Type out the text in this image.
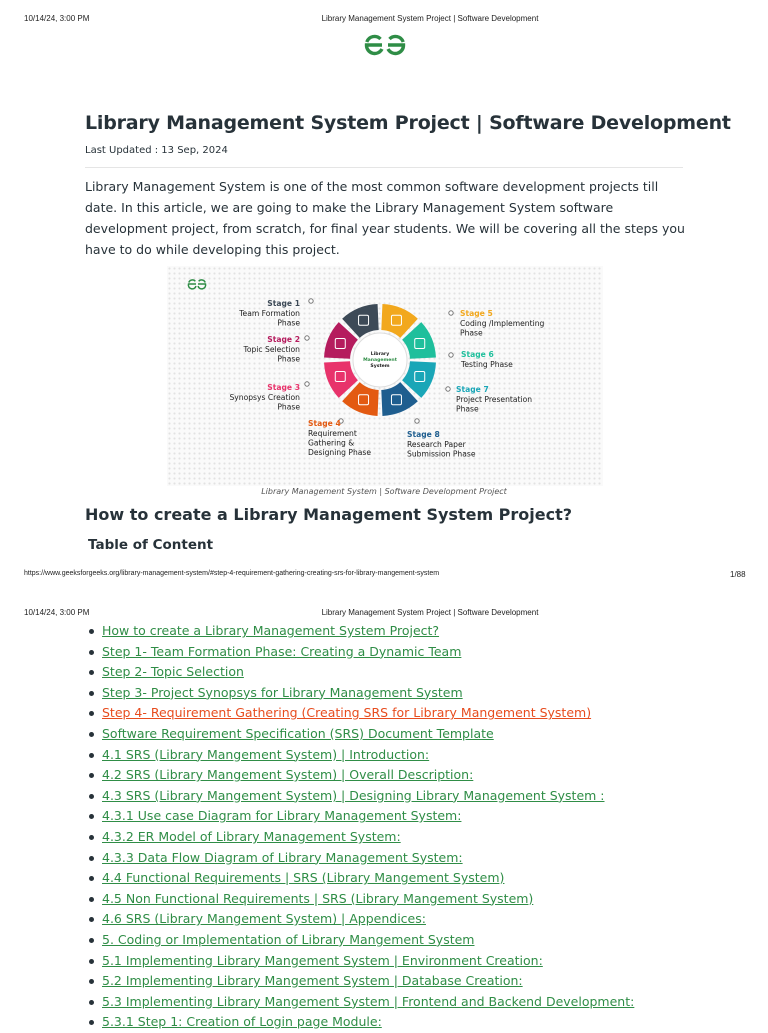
10/14/24, 3:00 PM	Library Management System Project | Software Development
Library Management System Project | Software Development
Last Updated : 13 Sep, 2024

Library Management System is one of the most common software development projects till date. In this article, we are going to make the Library Management System software development project, from scratch, for final year students. We will be covering all the steps you have to do while developing this project.

Library
Management
System
Stage 1
Team Formation
Phase
Stage 2
Topic Selection
Phase
Stage 3
Synopsys Creation
Phase
Stage 4
Requirement
Gathering &
Designing Phase
Stage 5
Coding /Implementing
Phase
Stage 6
Testing Phase
Stage 7
Project Presentation
Phase
Stage 8
Research Paper
Submission Phase
Library Management System | Software Development Project
How to create a Library Management System Project?
Table of Content
https://www.geeksforgeeks.org/library-management-system/#step-4-requirement-gathering-creating-srs-for-library-mangement-system	1/88
10/14/24, 3:00 PM	Library Management System Project | Software Development
How to create a Library Management System Project?
Step 1- Team Formation Phase: Creating a Dynamic Team
Step 2- Topic Selection
Step 3- Project Synopsys for Library Management System
Step 4- Requirement Gathering (Creating SRS for Library Mangement System)
Software Requirement Specification (SRS) Document Template
4.1 SRS (Library Mangement System) | Introduction:
4.2 SRS (Library Mangement System) | Overall Description:
4.3 SRS (Library Mangement System) | Designing Library Management System :
4.3.1 Use case Diagram for Library Management System:
4.3.2 ER Model of Library Management System:
4.3.3 Data Flow Diagram of Library Management System:
4.4 Functional Requirements | SRS (Library Mangement System)
4.5 Non Functional Requirements | SRS (Library Mangement System)
4.6 SRS (Library Mangement System) | Appendices:
5. Coding or Implementation of Library Mangement System
5.1 Implementing Library Mangement System | Environment Creation:
5.2 Implementing Library Mangement System | Database Creation:
5.3 Implementing Library Mangement System | Frontend and Backend Development:
5.3.1 Step 1: Creation of Login page Module:
